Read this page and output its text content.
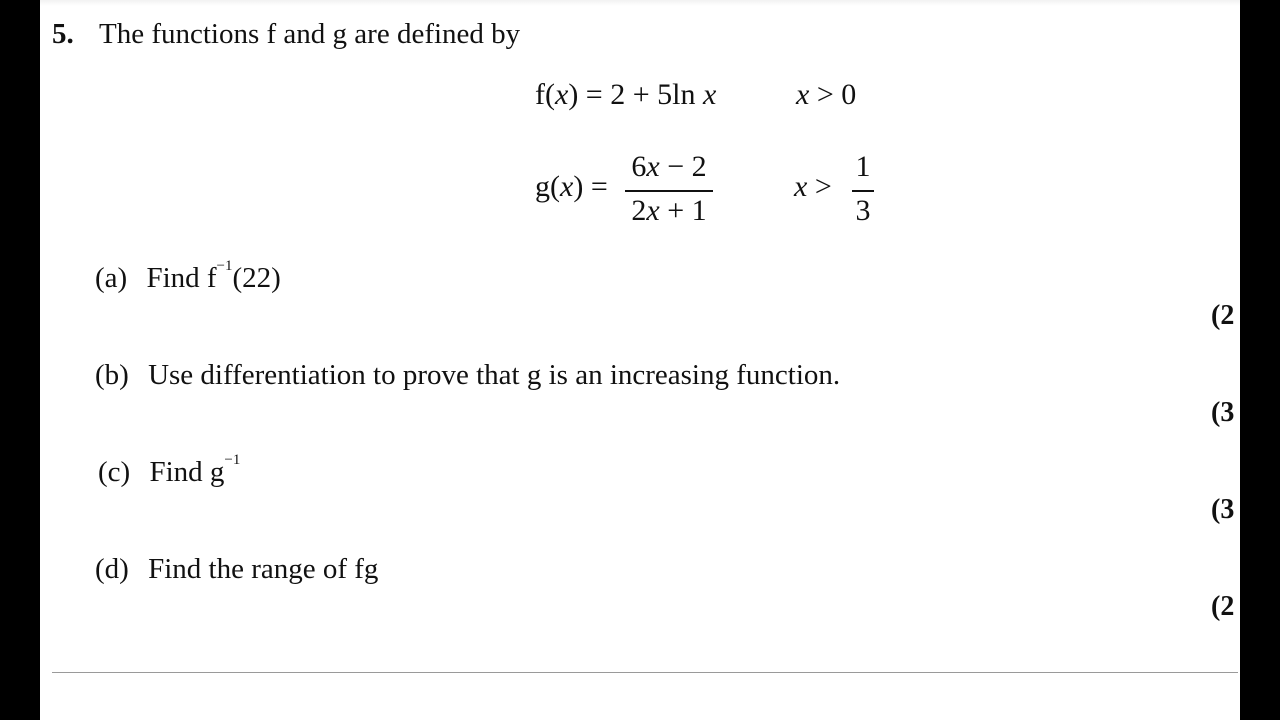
5. The functions f and g are defined by
f(x) = 2 + 5ln x	x > 0
g(x) =
6x − 2
2x + 1
x >
1
3
(a) Find $f^{-1}(22)$
(2
(b) Use differentiation to prove that g is an increasing function.
(3
(c) Find $g^{-1}$
(3
(d) Find the range of fg
(2
